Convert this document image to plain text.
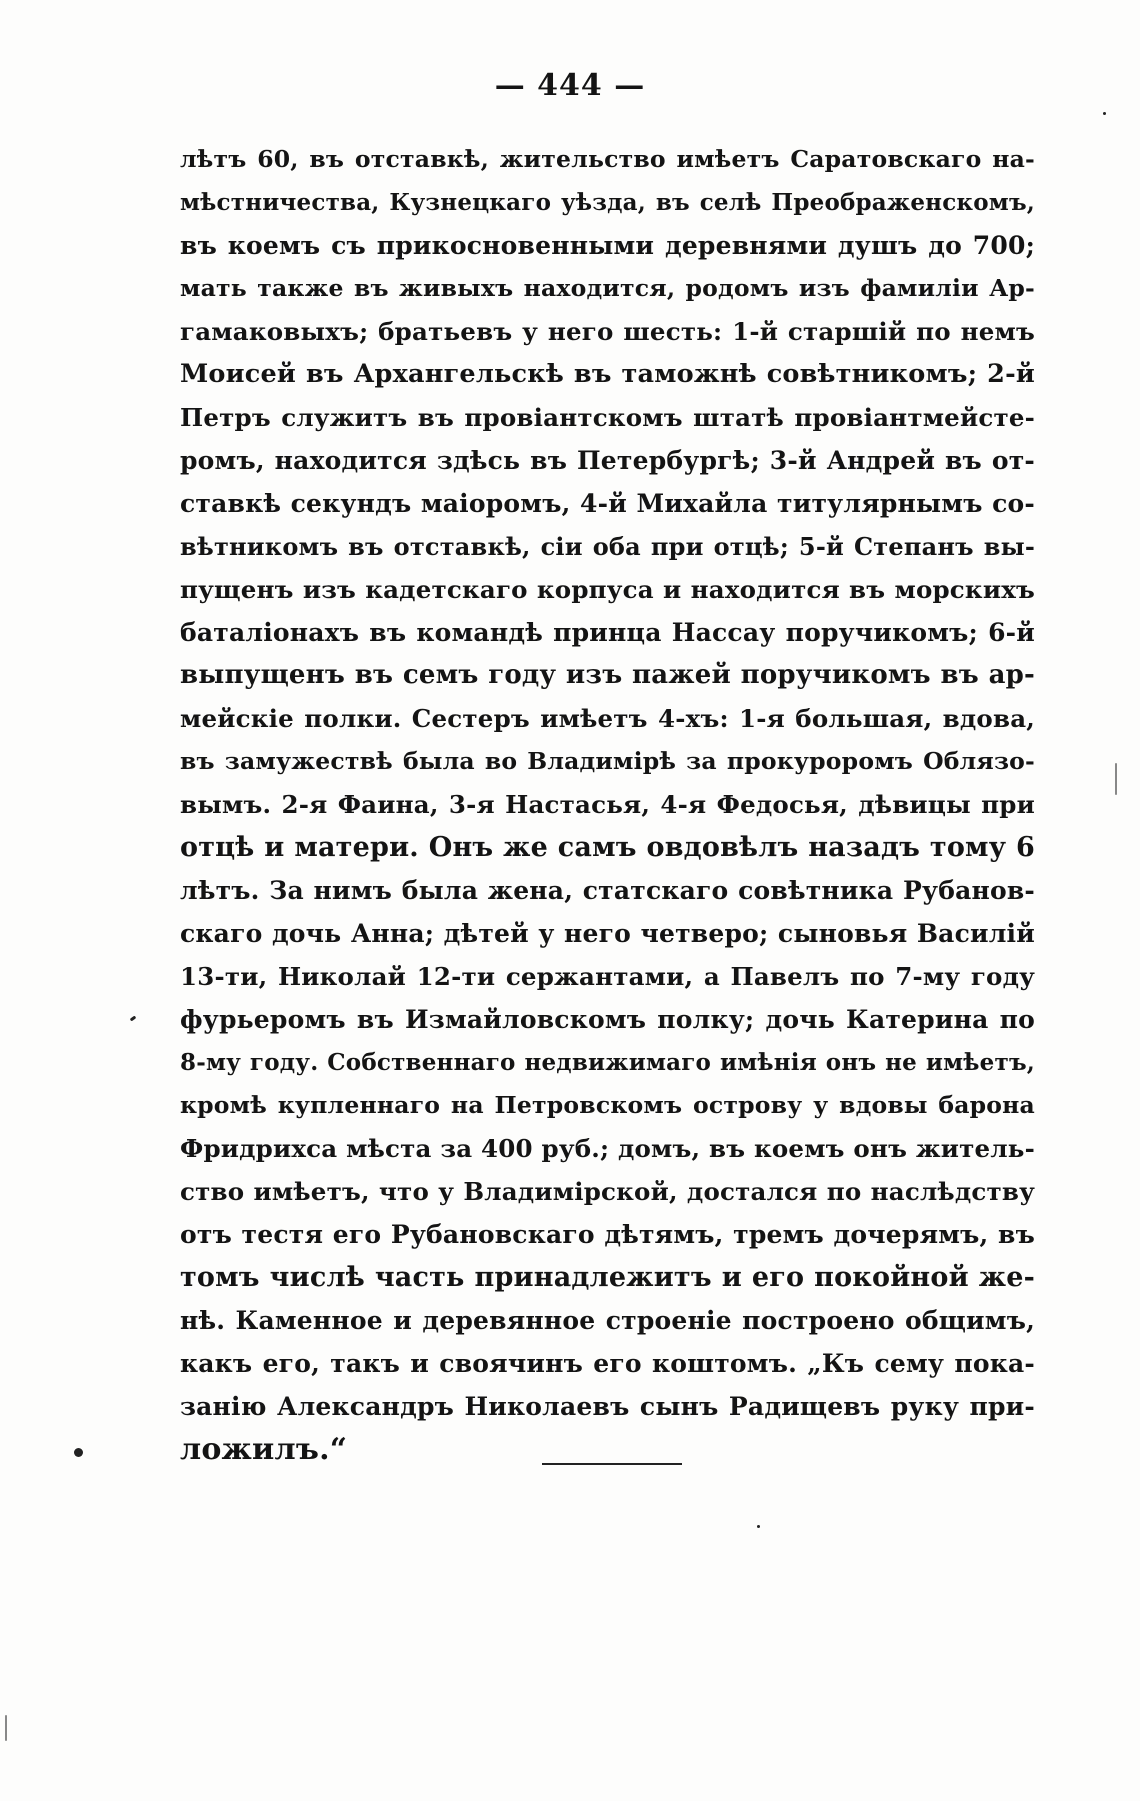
— 444 —
лѣтъ 60, въ отставкѣ, жительство имѣетъ Саратовскаго на-
мѣстничества, Кузнецкаго уѣзда, въ селѣ Преображенскомъ,
въ коемъ съ прикосновенными деревнями душъ до 700;
мать также въ живыхъ находится, родомъ изъ фамиліи Ар-
гамаковыхъ; братьевъ у него шесть: 1-й старшій по немъ
Моисей въ Архангельскѣ въ таможнѣ совѣтникомъ; 2-й
Петръ служитъ въ провіантскомъ штатѣ провіантмейсте-
ромъ, находится здѣсь въ Петербургѣ; 3-й Андрей въ от-
ставкѣ секундъ маіоромъ, 4-й Михайла титулярнымъ со-
вѣтникомъ въ отставкѣ, сіи оба при отцѣ; 5-й Степанъ вы-
пущенъ изъ кадетскаго корпуса и находится въ морскихъ
баталіонахъ въ командѣ принца Нассау поручикомъ; 6-й
выпущенъ въ семъ году изъ пажей поручикомъ въ ар-
мейскіе полки. Сестеръ имѣетъ 4-хъ: 1-я большая, вдова,
въ замужествѣ была во Владимірѣ за прокуроромъ Облязо-
вымъ. 2-я Фаина, 3-я Настасья, 4-я Федосья, дѣвицы при
отцѣ и матери. Онъ же самъ овдовѣлъ назадъ тому 6
лѣтъ. За нимъ была жена, статскаго совѣтника Рубанов-
скаго дочь Анна; дѣтей у него четверо; сыновья Василій
13-ти, Николай 12-ти сержантами, а Павелъ по 7-му году
фурьеромъ въ Измайловскомъ полку; дочь Катерина по
8-му году. Собственнаго недвижимаго имѣнія онъ не имѣетъ,
кромѣ купленнаго на Петровскомъ острову у вдовы барона
Фридрихса мѣста за 400 руб.; домъ, въ коемъ онъ житель-
ство имѣетъ, что у Владимірской, достался по наслѣдству
отъ тестя его Рубановскаго дѣтямъ, тремъ дочерямъ, въ
томъ числѣ часть принадлежитъ и его покойной же-
нѣ. Каменное и деревянное строеніе построено общимъ,
какъ его, такъ и своячинъ его коштомъ. „Къ сему пока-
занію Александръ Николаевъ сынъ Радищевъ руку при-
ложилъ.“
